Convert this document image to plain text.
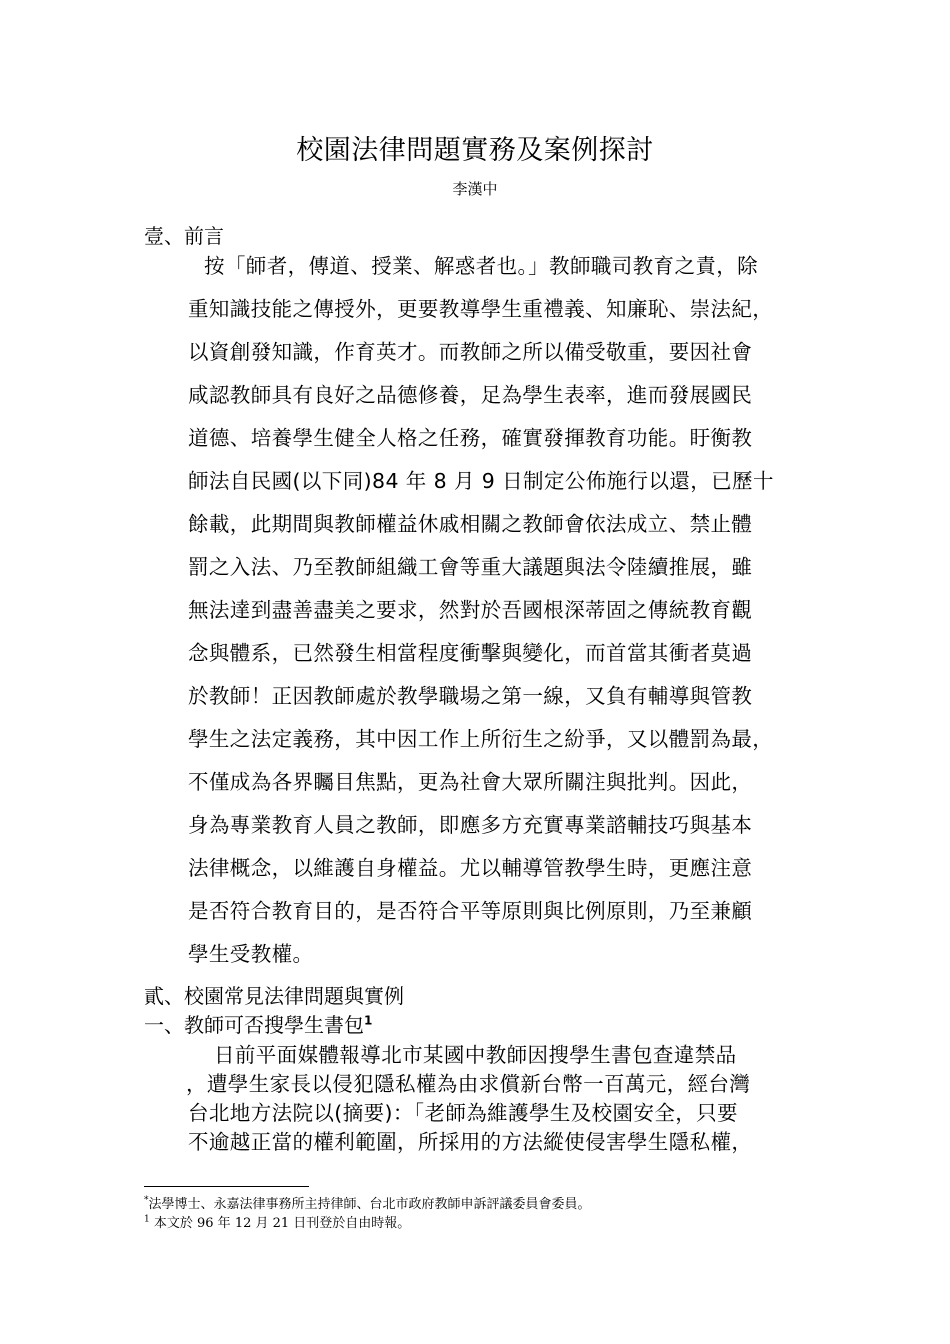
校園法律問題實務及案例探討
李漢中
壹、前言
按「師者，傳道、授業、解惑者也。」教師職司教育之責，除
重知識技能之傳授外，更要教導學生重禮義、知廉恥、崇法紀，
以資創發知識，作育英才。而教師之所以備受敬重，要因社會
咸認教師具有良好之品德修養，足為學生表率，進而發展國民
道德、培養學生健全人格之任務，確實發揮教育功能。盱衡教
師法自民國(以下同)84 年 8 月 9 日制定公佈施行以還，已歷十
餘載，此期間與教師權益休戚相關之教師會依法成立、禁止體
罰之入法、乃至教師組織工會等重大議題與法令陸續推展，雖
無法達到盡善盡美之要求，然對於吾國根深蒂固之傳統教育觀
念與體系，已然發生相當程度衝擊與變化，而首當其衝者莫過
於教師！正因教師處於教學職場之第一線，又負有輔導與管教
學生之法定義務，其中因工作上所衍生之紛爭，又以體罰為最，
不僅成為各界矚目焦點，更為社會大眾所關注與批判。因此，
身為專業教育人員之教師，即應多方充實專業諮輔技巧與基本
法律概念，以維護自身權益。尤以輔導管教學生時，更應注意
是否符合教育目的，是否符合平等原則與比例原則，乃至兼顧
學生受教權。
貳、校園常見法律問題與實例
一、教師可否搜學生書包$^1$
日前平面媒體報導北市某國中教師因搜學生書包查違禁品
，遭學生家長以侵犯隱私權為由求償新台幣一百萬元，經台灣
台北地方法院以(摘要)：「老師為維護學生及校園安全，只要
不逾越正當的權利範圍，所採用的方法縱使侵害學生隱私權，
*法學博士、永嘉法律事務所主持律師、台北市政府教師申訴評議委員會委員。
$^1$ 本文於 96 年 12 月 21 日刊登於自由時報。
